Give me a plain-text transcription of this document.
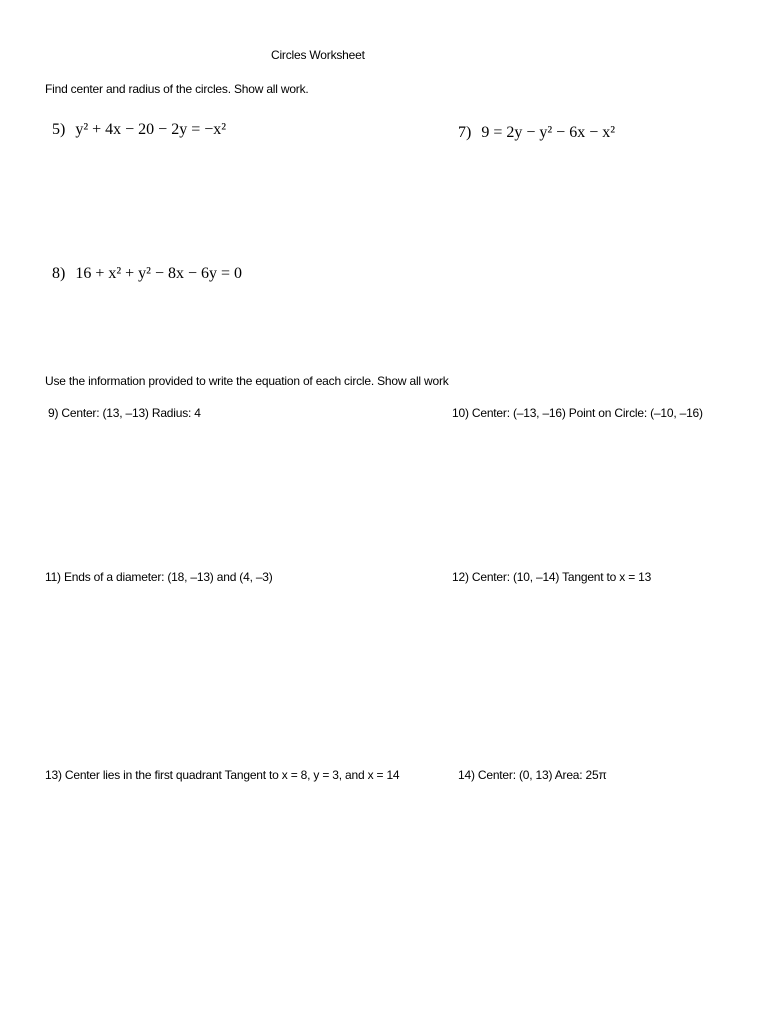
Circles Worksheet
Find center and radius of the circles. Show all work.
5) y² + 4x − 20 − 2y = −x²	7) 9 = 2y − y² − 6x − x²
8) 16 + x² + y² − 8x − 6y = 0
Use the information provided to write the equation of each circle. Show all work
9) Center: (13, –13) Radius: 4	10) Center: (–13, –16) Point on Circle: (–10, –16)
11) Ends of a diameter: (18, –13) and (4, –3)	12) Center: (10, –14) Tangent to x = 13
13) Center lies in the first quadrant Tangent to x = 8, y = 3, and x = 14	14) Center: (0, 13) Area: 25π
